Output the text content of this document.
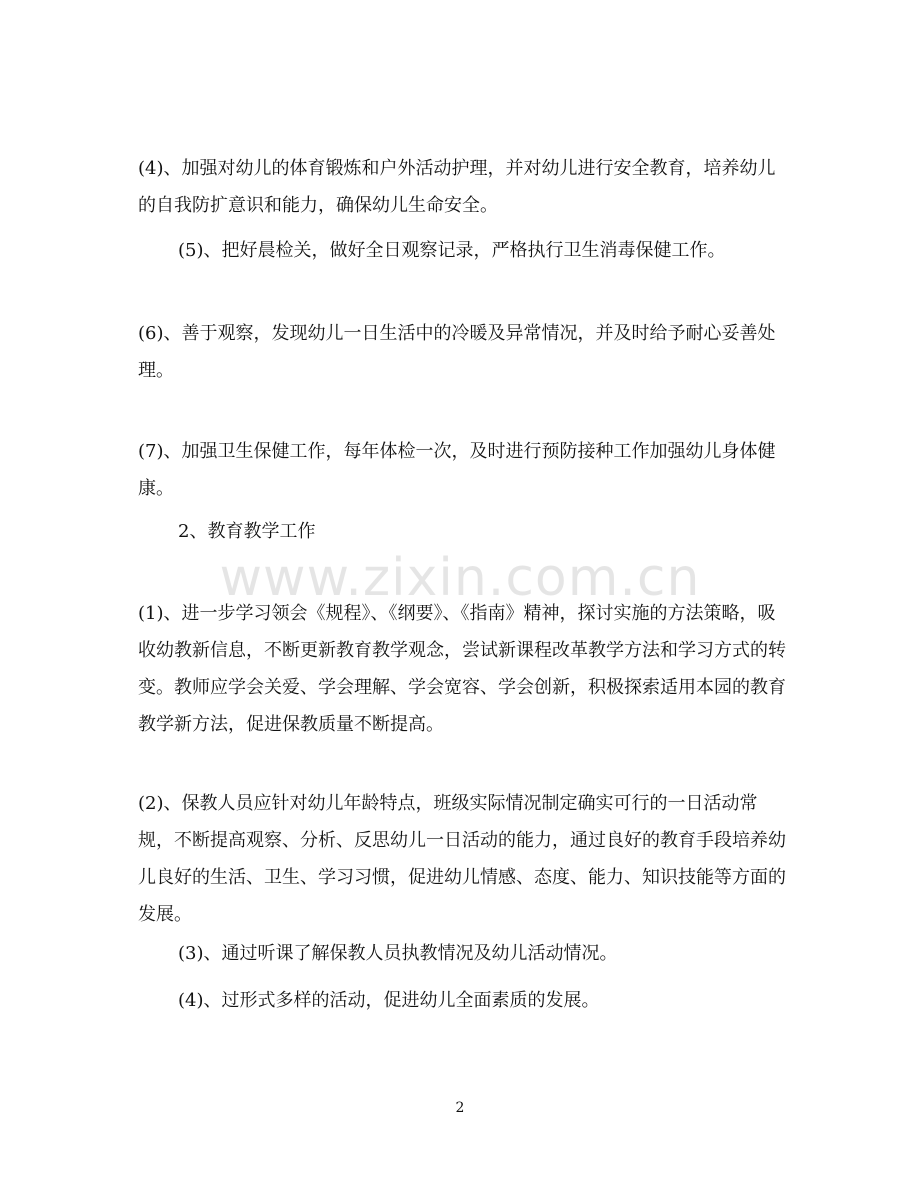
(4)、加强对幼儿的体育锻炼和户外活动护理，并对幼儿进行安全教育，培养幼儿的自我防扩意识和能力，确保幼儿生命安全。

(5)、把好晨检关，做好全日观察记录，严格执行卫生消毒保健工作。

(6)、善于观察，发现幼儿一日生活中的冷暖及异常情况，并及时给予耐心妥善处理。

(7)、加强卫生保健工作，每年体检一次，及时进行预防接种工作加强幼儿身体健康。

2、教育教学工作

www.zixin.com.cn

(1)、进一步学习领会《规程》、《纲要》、《指南》精神，探讨实施的方法策略，吸收幼教新信息，不断更新教育教学观念，尝试新课程改革教学方法和学习方式的转变。教师应学会关爱、学会理解、学会宽容、学会创新，积极探索适用本园的教育教学新方法，促进保教质量不断提高。

(2)、保教人员应针对幼儿年龄特点，班级实际情况制定确实可行的一日活动常规，不断提高观察、分析、反思幼儿一日活动的能力，通过良好的教育手段培养幼儿良好的生活、卫生、学习习惯，促进幼儿情感、态度、能力、知识技能等方面的发展。

(3)、通过听课了解保教人员执教情况及幼儿活动情况。

(4)、过形式多样的活动，促进幼儿全面素质的发展。

2
